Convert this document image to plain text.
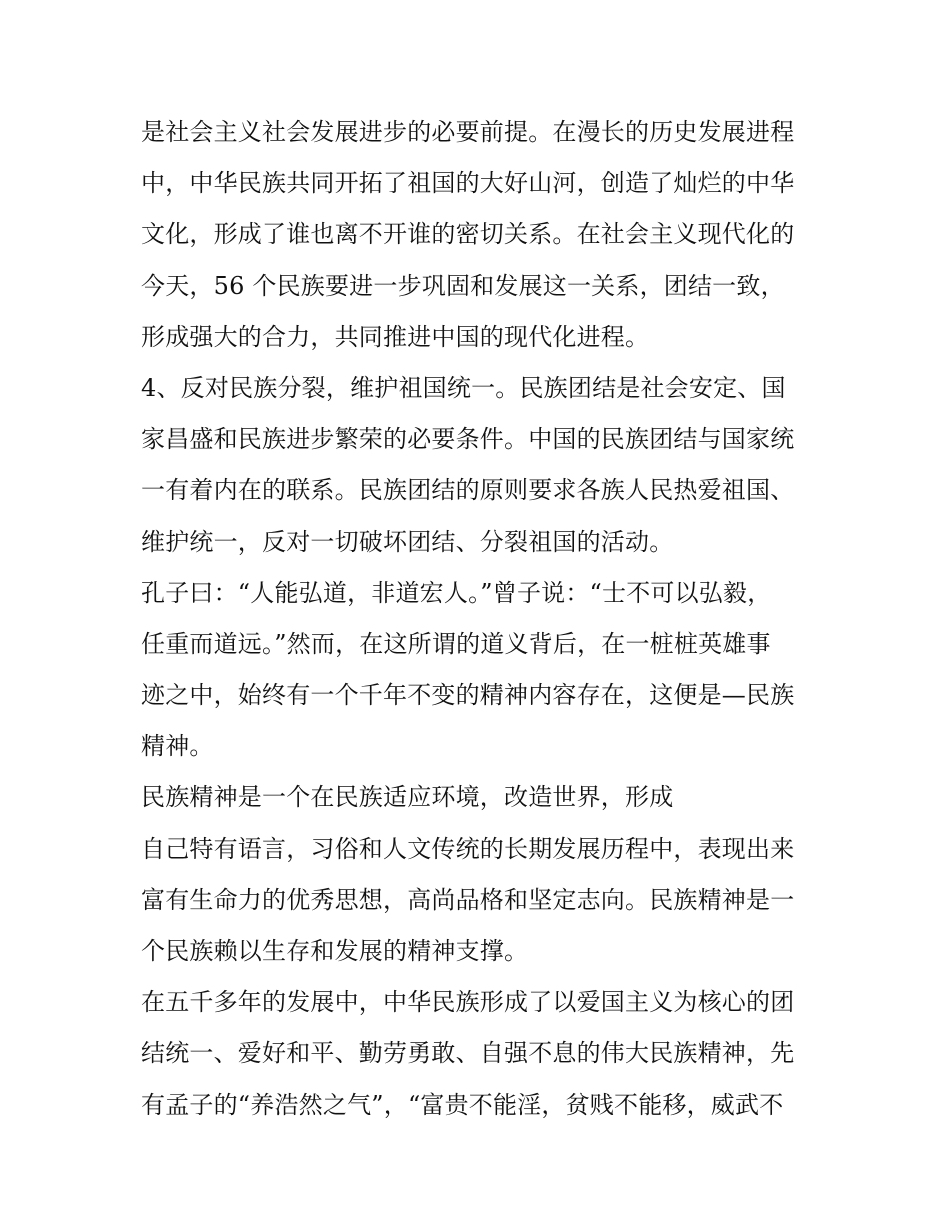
是社会主义社会发展进步的必要前提。在漫长的历史发展进程
中，中华民族共同开拓了祖国的大好山河，创造了灿烂的中华
文化，形成了谁也离不开谁的密切关系。在社会主义现代化的
今天，56 个民族要进一步巩固和发展这一关系，团结一致，
形成强大的合力，共同推进中国的现代化进程。
4、反对民族分裂，维护祖国统一。民族团结是社会安定、国
家昌盛和民族进步繁荣的必要条件。中国的民族团结与国家统
一有着内在的联系。民族团结的原则要求各族人民热爱祖国、
维护统一，反对一切破坏团结、分裂祖国的活动。
孔子曰：“人能弘道，非道宏人。”曾子说：“士不可以弘毅，
任重而道远。”然而，在这所谓的道义背后，在一桩桩英雄事
迹之中，始终有一个千年不变的精神内容存在，这便是—民族
精神。
民族精神是一个在民族适应环境，改造世界，形成
自己特有语言，习俗和人文传统的长期发展历程中，表现出来
富有生命力的优秀思想，高尚品格和坚定志向。民族精神是一
个民族赖以生存和发展的精神支撑。
在五千多年的发展中，中华民族形成了以爱国主义为核心的团
结统一、爱好和平、勤劳勇敢、自强不息的伟大民族精神，先
有孟子的“养浩然之气”，“富贵不能淫，贫贱不能移，威武不
